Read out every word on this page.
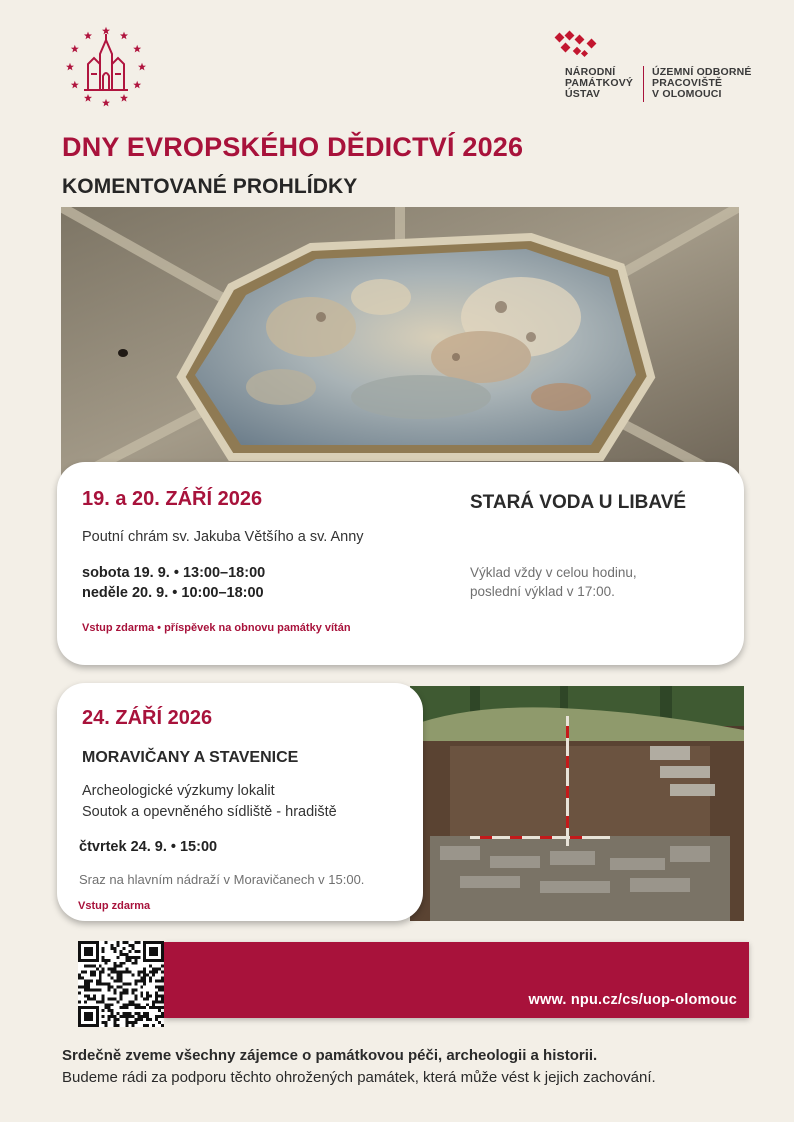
NÁRODNÍ
PAMÁTKOVÝ
ÚSTAV
ÚZEMNÍ ODBORNÉ
PRACOVIŠTĚ
V OLOMOUCI
DNY EVROPSKÉHO DĚDICTVÍ 2026
KOMENTOVANÉ PROHLÍDKY
19. a 20. ZÁŘÍ 2026
Poutní chrám sv. Jakuba Většího a sv. Anny
sobota 19. 9. • 13:00–18:00
neděle 20. 9. • 10:00–18:00
Vstup zdarma • příspěvek na obnovu památky vítán
STARÁ VODA U LIBAVÉ
Výklad vždy v celou hodinu,
poslední výklad v 17:00.
24. ZÁŘÍ 2026
MORAVIČANY A STAVENICE
Archeologické výzkumy lokalit
Soutok a opevněného sídliště - hradiště
čtvrtek 24. 9. • 15:00
Sraz na hlavním nádraží v Moravičanech v 15:00.
Vstup zdarma
www. npu.cz/cs/uop-olomouc
Srdečně zveme všechny zájemce o památkovou péči, archeologii a historii.
Budeme rádi za podporu těchto ohrožených památek, která může vést k jejich zachování.
